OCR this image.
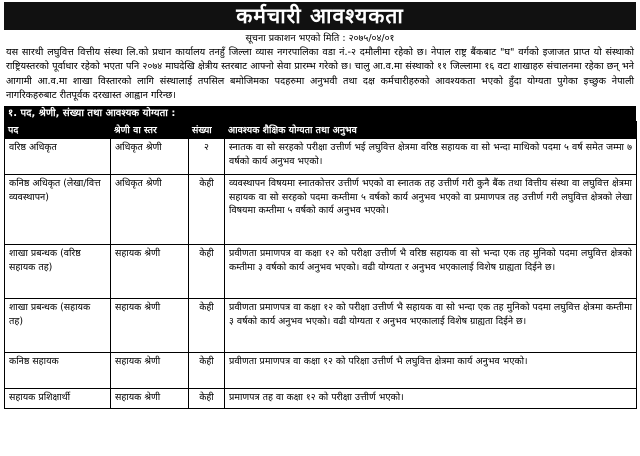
कर्मचारी आवश्यकता
सूचना प्रकाशन भएको मिति : २०७५/०४/०१

यस सारथी लघुवित्त वित्तीय संस्था लि.को प्रधान कार्यालय तनहुँ जिल्ला व्यास नगरपालिका वडा नं.-२ दमौलीमा रहेको छ। नेपाल राष्ट्र बैंकबाट "घ" वर्गको इजाजत प्राप्त यो संस्थाको राष्ट्रियस्तरको पूर्वाधार रहेको भएता पनि २०७४ माघदेखि क्षेत्रीय स्तरबाट आफ्नो सेवा प्रारम्भ गरेको छ। चालु आ.व.मा संस्थाको ११ जिल्लामा १६ वटा शाखाहरु संचालनमा रहेका छन् भने आगामी आ.व.मा शाखा विस्तारको लागि संस्थालाई तपसिल बमोजिमका पदहरुमा अनुभवी तथा दक्ष कर्मचारीहरुको आवश्यकता भएको हुँदा योग्यता पुगेका इच्छुक नेपाली नागरिकहरुबाट रीतपूर्वक दरखास्त आह्वान गरिन्छ।

१. पद, श्रेणी, संख्या तथा आवश्यक योग्यता :
पद	श्रेणी वा स्तर	संख्या	आवश्यक शैक्षिक योग्यता तथा अनुभव
वरिष्ठ अधिकृत	अधिकृत श्रेणी	२	स्नातक वा सो सरहको परीक्षा उत्तीर्ण भई लघुवित्त क्षेत्रमा वरिष्ठ सहायक वा सो भन्दा माथिको पदमा ५ वर्ष समेत जम्मा ७ वर्षको कार्य अनुभव भएको।
कनिष्ठ अधिकृत (लेखा/वित्त व्यवस्थापन)	अधिकृत श्रेणी	केही	व्यवस्थापन विषयमा स्नातकोत्तर उत्तीर्ण भएको वा स्नातक तह उत्तीर्ण गरी कुनै बैंक तथा वित्तीय संस्था वा लघुवित्त क्षेत्रमा सहायक वा सो सरहको पदमा कम्तीमा ५ वर्षको कार्य अनुभव भएको वा प्रमाणपत्र तह उत्तीर्ण गरी लघुवित्त क्षेत्रको लेखा विषयमा कम्तीमा ५ वर्षको कार्य अनुभव भएको।
शाखा प्रबन्धक (वरिष्ठ सहायक तह)	सहायक श्रेणी	केही	प्रवीणता प्रमाणपत्र वा कक्षा १२ को परीक्षा उत्तीर्ण भै वरिष्ठ सहायक वा सो भन्दा एक तह मुनिको पदमा लघुवित्त क्षेत्रको कम्तीमा ३ वर्षको कार्य अनुभव भएको। वढी योग्यता र अनुभव भएकालाई विशेष ग्राह्यता दिईने छ।
शाखा प्रबन्धक (सहायक तह)	सहायक श्रेणी	केही	प्रवीणता प्रमाणपत्र वा कक्षा १२ को परीक्षा उत्तीर्ण भै सहायक वा सो भन्दा एक तह मुनिको पदमा लघुवित्त क्षेत्रमा कम्तीमा ३ वर्षको कार्य अनुभव भएको। वढी योग्यता र अनुभव भएकालाई विशेष ग्राह्यता दिईने छ।
कनिष्ठ सहायक	सहायक श्रेणी	केही	प्रवीणता प्रमाणपत्र वा कक्षा १२ को परिक्षा उत्तीर्ण भै लघुवित्त क्षेत्रमा कार्य अनुभव भएको।
सहायक प्रशिक्षार्थी	सहायक श्रेणी	केही	प्रमाणपत्र तह वा कक्षा १२ को परीक्षा उत्तीर्ण भएको।
